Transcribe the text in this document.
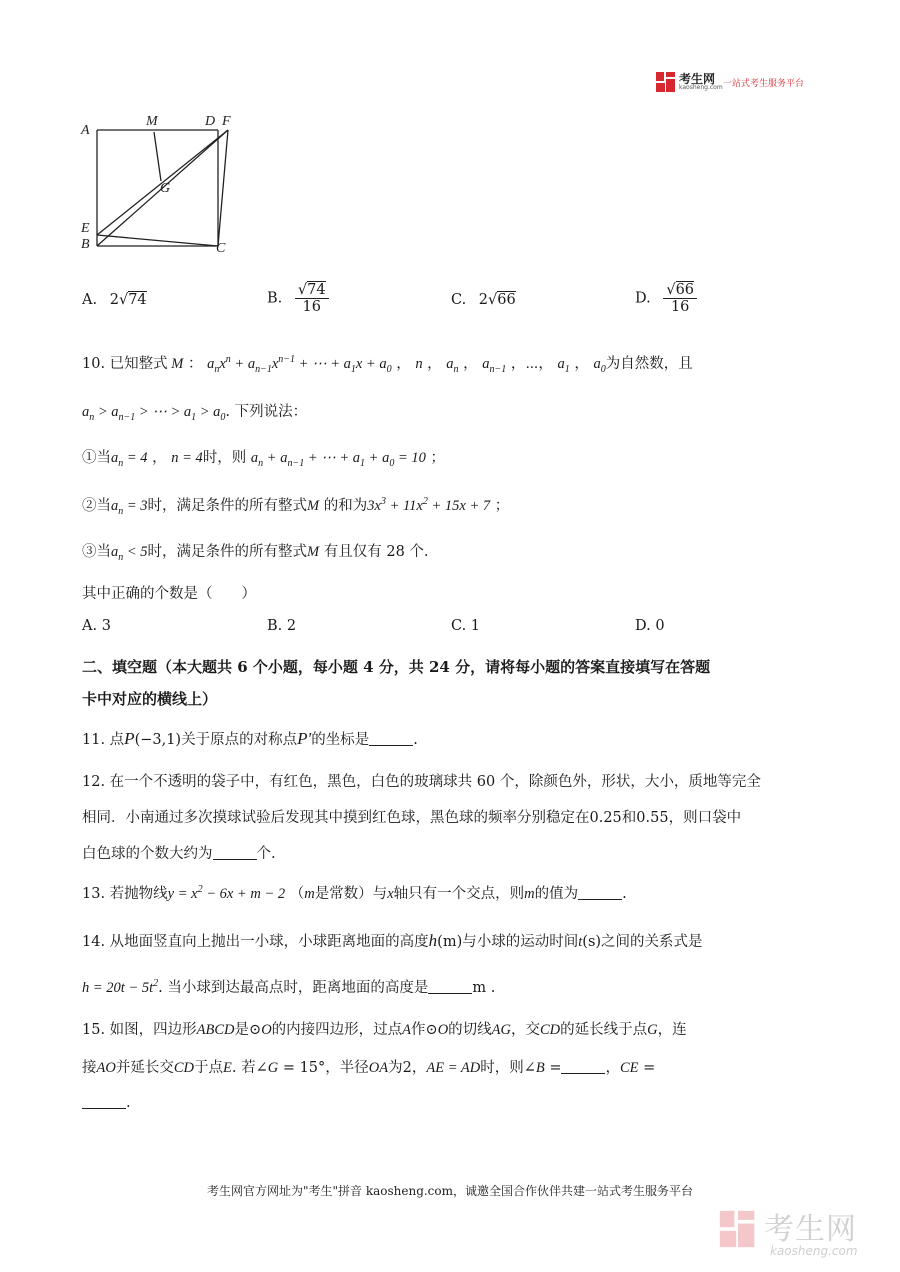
考生网
kaosheng.com 一站式考生服务平台
A
M	D F
G
E
B	C
A. 2√74	B. $\frac{√74}{16}$	C. 2√66	D. $\frac{√66}{16}$
10. 已知整式 M ： $a_nx^n + a_{n-1}x^{n-1}$ + ⋯ + $a_1x + a_0$ ， n ， $a_n$ ， $a_{n-1}$ ，⋯， $a_1$ ， $a_0$为自然数，且
$a_n > a_{n-1}$ > ⋯ > $a_1 > a_0$. 下列说法：
①当$a_n = 4$ ， n = 4时，则 $a_n + a_{n-1}$ + ⋯ + $a_1 + a_0 = 10$ ；
②当$a_n = 3$时，满足条件的所有整式M 的和为$3x^3 + 11x^2 + 15x + 7$ ；
③当$a_n < 5$时，满足条件的所有整式M 有且仅有 28 个.
其中正确的个数是（　　）
A. 3	B. 2	C. 1	D. 0
二、填空题（本大题共 6 个小题，每小题 4 分，共 24 分，请将每小题的答案直接填写在答题
卡中对应的横线上）
11. 点P(−3,1)关于原点的对称点P′的坐标是	.
12. 在一个不透明的袋子中，有红色，黑色，白色的玻璃球共 60 个，除颜色外，形状，大小，质地等完全
相同．小南通过多次摸球试验后发现其中摸到红色球，黑色球的频率分别稳定在0.25和0.55，则口袋中
白色球的个数大约为	个.
13. 若抛物线$y = x^2 - 6x + m - 2$ （m是常数）与x轴只有一个交点，则m的值为	.
14. 从地面竖直向上抛出一小球，小球距离地面的高度h(m)与小球的运动时间t(s)之间的关系式是
$h = 20t - 5t^2$. 当小球到达最高点时，距离地面的高度是	m .
15. 如图，四边形ABCD是⊙O的内接四边形，过点A作⊙O的切线AG，交CD的延长线于点G，连
接AO并延长交CD于点E. 若∠G = 15°，半径OA为2，AE = AD时，则∠B =	，CE =
.
考生网官方网址为"考生"拼音 kaosheng.com，诚邀全国合作伙伴共建一站式考生服务平台
考生网
kaosheng.com
